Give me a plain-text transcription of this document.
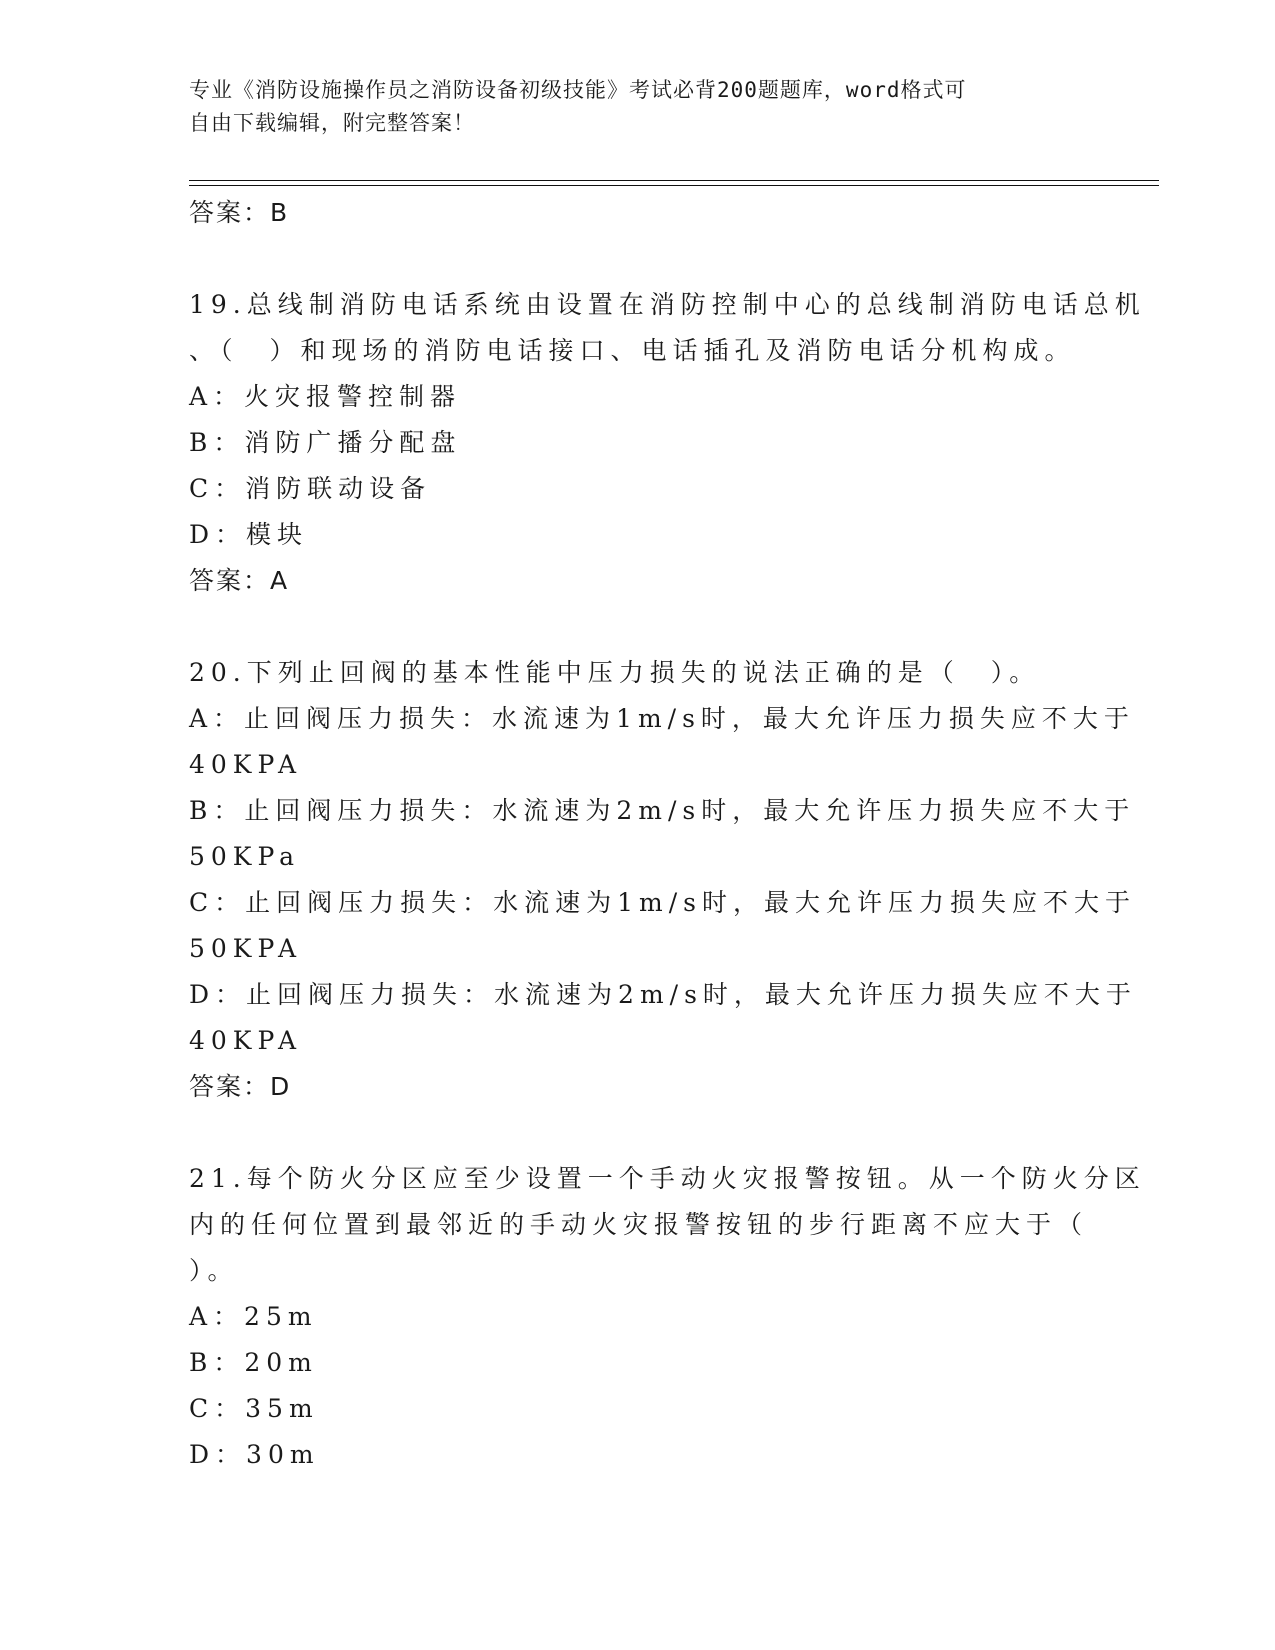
专业《消防设施操作员之消防设备初级技能》考试必背200题题库，word格式可
自由下载编辑，附完整答案！
答案：B
19.总线制消防电话系统由设置在消防控制中心的总线制消防电话总机
、（　）和现场的消防电话接口、电话插孔及消防电话分机构成。
A：火灾报警控制器
B：消防广播分配盘
C：消防联动设备
D：模块
答案：A
20.下列止回阀的基本性能中压力损失的说法正确的是（　）。
A：止回阀压力损失：水流速为1m/s时，最大允许压力损失应不大于
40KPA
B：止回阀压力损失：水流速为2m/s时，最大允许压力损失应不大于
50KPa
C：止回阀压力损失：水流速为1m/s时，最大允许压力损失应不大于
50KPA
D：止回阀压力损失：水流速为2m/s时，最大允许压力损失应不大于
40KPA
答案：D
21.每个防火分区应至少设置一个手动火灾报警按钮。从一个防火分区
内的任何位置到最邻近的手动火灾报警按钮的步行距离不应大于（
）。
A：25m
B：20m
C：35m
D：30m
